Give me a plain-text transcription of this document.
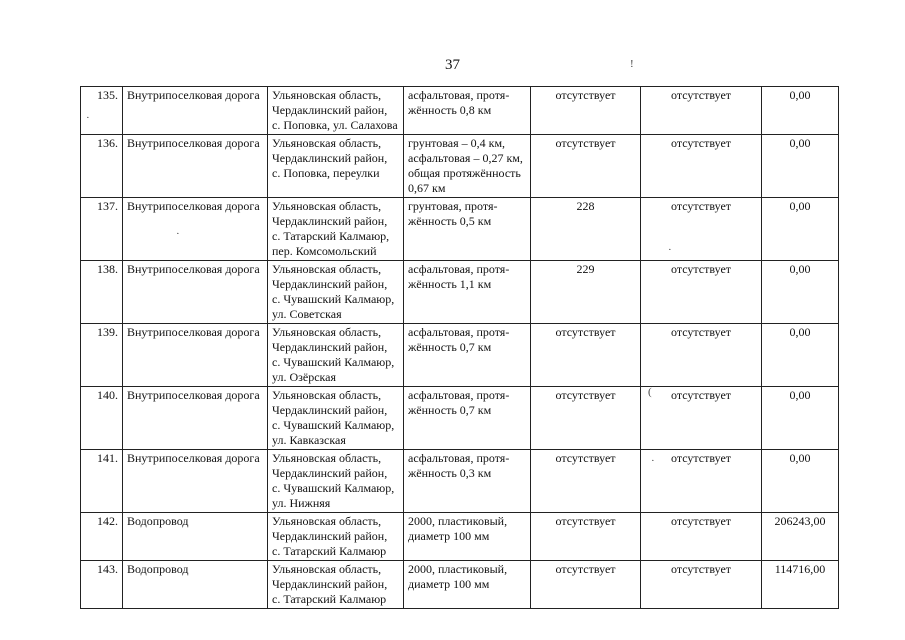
37	!
·
·
·
(
·
135.	Внутрипоселковая дорога	Ульяновская область,
Чердаклинский район,
с. Поповка, ул. Салахова	асфальтовая, протя-
жённость 0,8 км	отсутствует	отсутствует	0,00
136.	Внутрипоселковая дорога	Ульяновская область,
Чердаклинский район,
с. Поповка, переулки	грунтовая – 0,4 км,
асфальтовая – 0,27 км,
общая протяжённость
0,67 км	отсутствует	отсутствует	0,00
137.	Внутрипоселковая дорога	Ульяновская область,
Чердаклинский район,
с. Татарский Калмаюр,
пер. Комсомольский	грунтовая, протя-
жённость 0,5 км	228	отсутствует	0,00
138.	Внутрипоселковая дорога	Ульяновская область,
Чердаклинский район,
с. Чувашский Калмаюр,
ул. Советская	асфальтовая, протя-
жённость 1,1 км	229	отсутствует	0,00
139.	Внутрипоселковая дорога	Ульяновская область,
Чердаклинский район,
с. Чувашский Калмаюр,
ул. Озёрская	асфальтовая, протя-
жённость 0,7 км	отсутствует	отсутствует	0,00
140.	Внутрипоселковая дорога	Ульяновская область,
Чердаклинский район,
с. Чувашский Калмаюр,
ул. Кавказская	асфальтовая, протя-
жённость 0,7 км	отсутствует	отсутствует	0,00
141.	Внутрипоселковая дорога	Ульяновская область,
Чердаклинский район,
с. Чувашский Калмаюр,
ул. Нижняя	асфальтовая, протя-
жённость 0,3 км	отсутствует	отсутствует	0,00
142.	Водопровод	Ульяновская область,
Чердаклинский район,
с. Татарский Калмаюр	2000, пластиковый,
диаметр 100 мм	отсутствует	отсутствует	206243,00
143.	Водопровод	Ульяновская область,
Чердаклинский район,
с. Татарский Калмаюр	2000, пластиковый,
диаметр 100 мм	отсутствует	отсутствует	114716,00
